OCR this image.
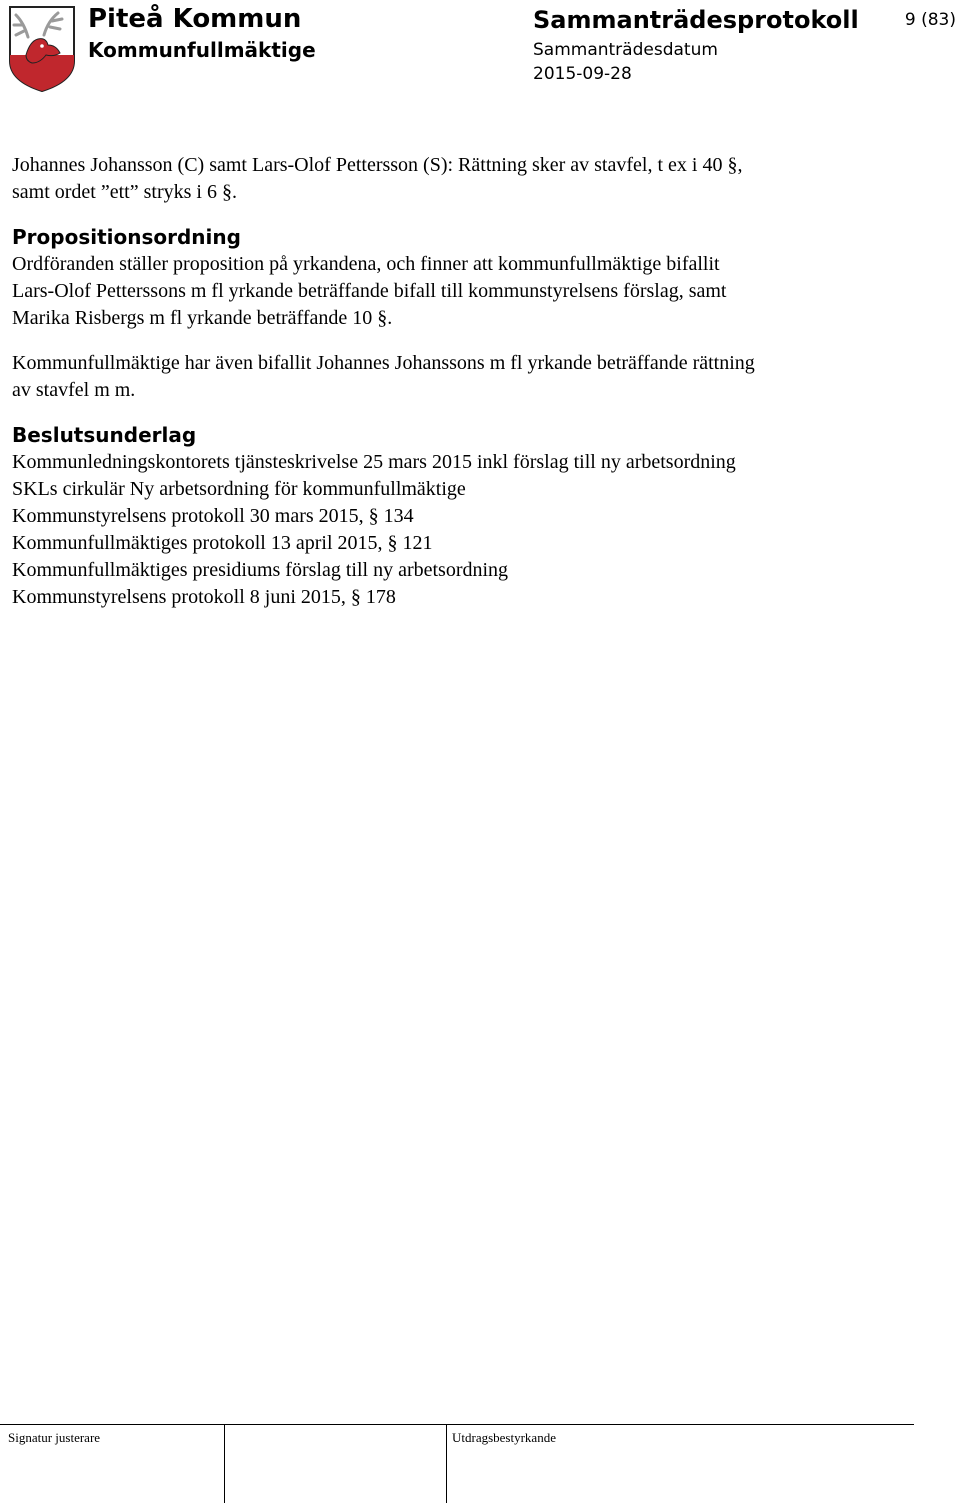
Piteå Kommun
Kommunfullmäktige
Sammanträdesprotokoll
Sammanträdesdatum
2015-09-28
9 (83)

Johannes Johansson (C) samt Lars-Olof Pettersson (S): Rättning sker av stavfel, t ex i 40 §,

samt ordet ”ett” stryks i 6 §.

Propositionsordning

Ordföranden ställer proposition på yrkandena, och finner att kommunfullmäktige bifallit

Lars-Olof Petterssons m fl yrkande beträffande bifall till kommunstyrelsens förslag, samt

Marika Risbergs m fl yrkande beträffande 10 §.

Kommunfullmäktige har även bifallit Johannes Johanssons m fl yrkande beträffande rättning

av stavfel m m.

Beslutsunderlag

Kommunledningskontorets tjänsteskrivelse 25 mars 2015 inkl förslag till ny arbetsordning

SKLs cirkulär Ny arbetsordning för kommunfullmäktige

Kommunstyrelsens protokoll 30 mars 2015, § 134

Kommunfullmäktiges protokoll 13 april 2015, § 121

Kommunfullmäktiges presidiums förslag till ny arbetsordning

Kommunstyrelsens protokoll 8 juni 2015, § 178

Signatur justerare	Utdragsbestyrkande
